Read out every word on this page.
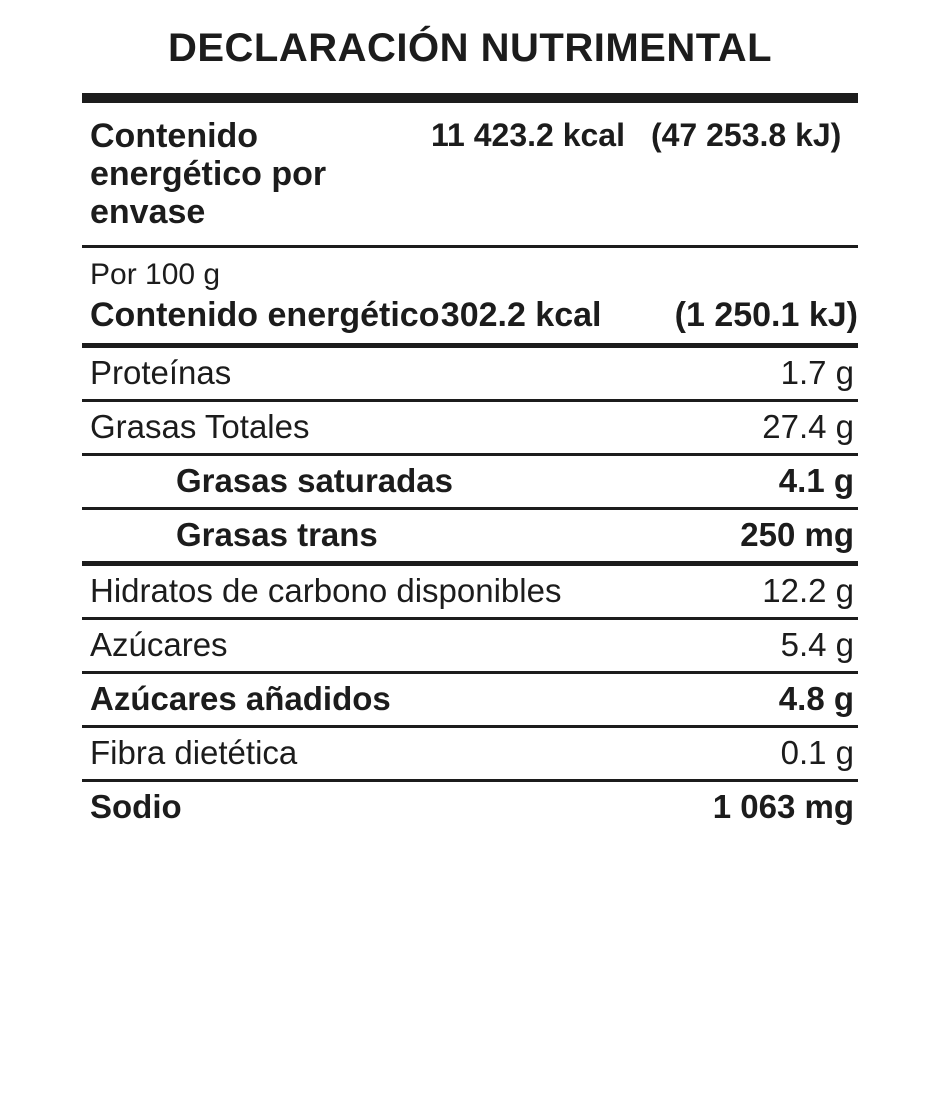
DECLARACIÓN NUTRIMENTAL
Contenido energético por envase
11 423.2 kcal (47 253.8 kJ)
Por 100 g
Contenido energético 302.2 kcal	(1 250.1 kJ)
Proteínas	1.7 g
Grasas Totales	27.4 g
Grasas saturadas	4.1 g
Grasas trans	250 mg
Hidratos de carbono disponibles	12.2 g
Azúcares	5.4 g
Azúcares añadidos	4.8 g
Fibra dietética	0.1 g
Sodio	1 063 mg
